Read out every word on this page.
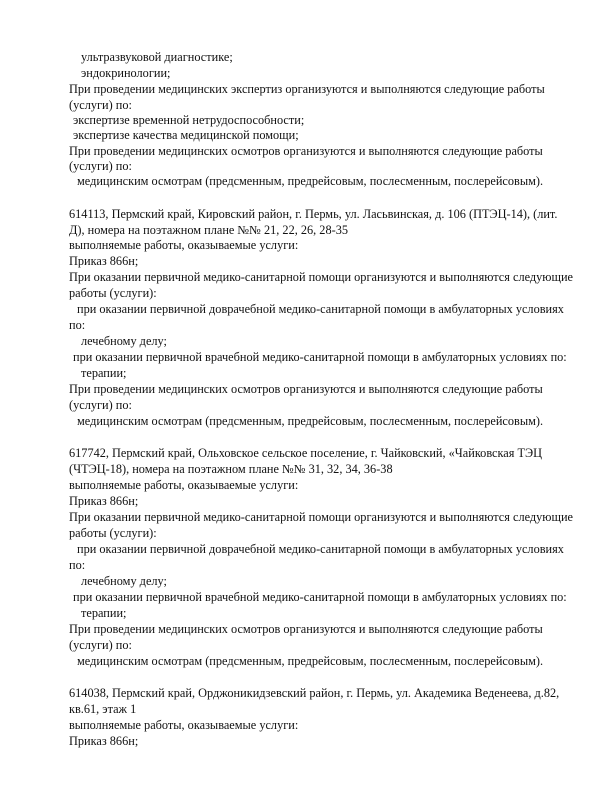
ультразвуковой диагностике;
эндокринологии;
При проведении медицинских экспертиз организуются и выполняются следующие работы
(услуги) по:
экспертизе временной нетрудоспособности;
экспертизе качества медицинской помощи;
При проведении медицинских осмотров организуются и выполняются следующие работы
(услуги) по:
медицинским осмотрам (предсменным, предрейсовым, послесменным, послерейсовым).
614113, Пермский край, Кировский район, г. Пермь, ул. Ласьвинская, д. 106 (ПТЭЦ-14), (лит.
Д), номера на поэтажном плане №№ 21, 22, 26, 28-35
выполняемые работы, оказываемые услуги:
Приказ 866н;
При оказании первичной медико-санитарной помощи организуются и выполняются следующие
работы (услуги):
при оказании первичной доврачебной медико-санитарной помощи в амбулаторных условиях
по:
лечебному делу;
при оказании первичной врачебной медико-санитарной помощи в амбулаторных условиях по:
терапии;
При проведении медицинских осмотров организуются и выполняются следующие работы
(услуги) по:
медицинским осмотрам (предсменным, предрейсовым, послесменным, послерейсовым).
617742, Пермский край, Ольховское сельское поселение, г. Чайковский, «Чайковская ТЭЦ
(ЧТЭЦ-18), номера на поэтажном плане №№ 31, 32, 34, 36-38
выполняемые работы, оказываемые услуги:
Приказ 866н;
При оказании первичной медико-санитарной помощи организуются и выполняются следующие
работы (услуги):
при оказании первичной доврачебной медико-санитарной помощи в амбулаторных условиях
по:
лечебному делу;
при оказании первичной врачебной медико-санитарной помощи в амбулаторных условиях по:
терапии;
При проведении медицинских осмотров организуются и выполняются следующие работы
(услуги) по:
медицинским осмотрам (предсменным, предрейсовым, послесменным, послерейсовым).
614038, Пермский край, Орджоникидзевский район, г. Пермь, ул. Академика Веденеева, д.82,
кв.61, этаж 1
выполняемые работы, оказываемые услуги:
Приказ 866н;
